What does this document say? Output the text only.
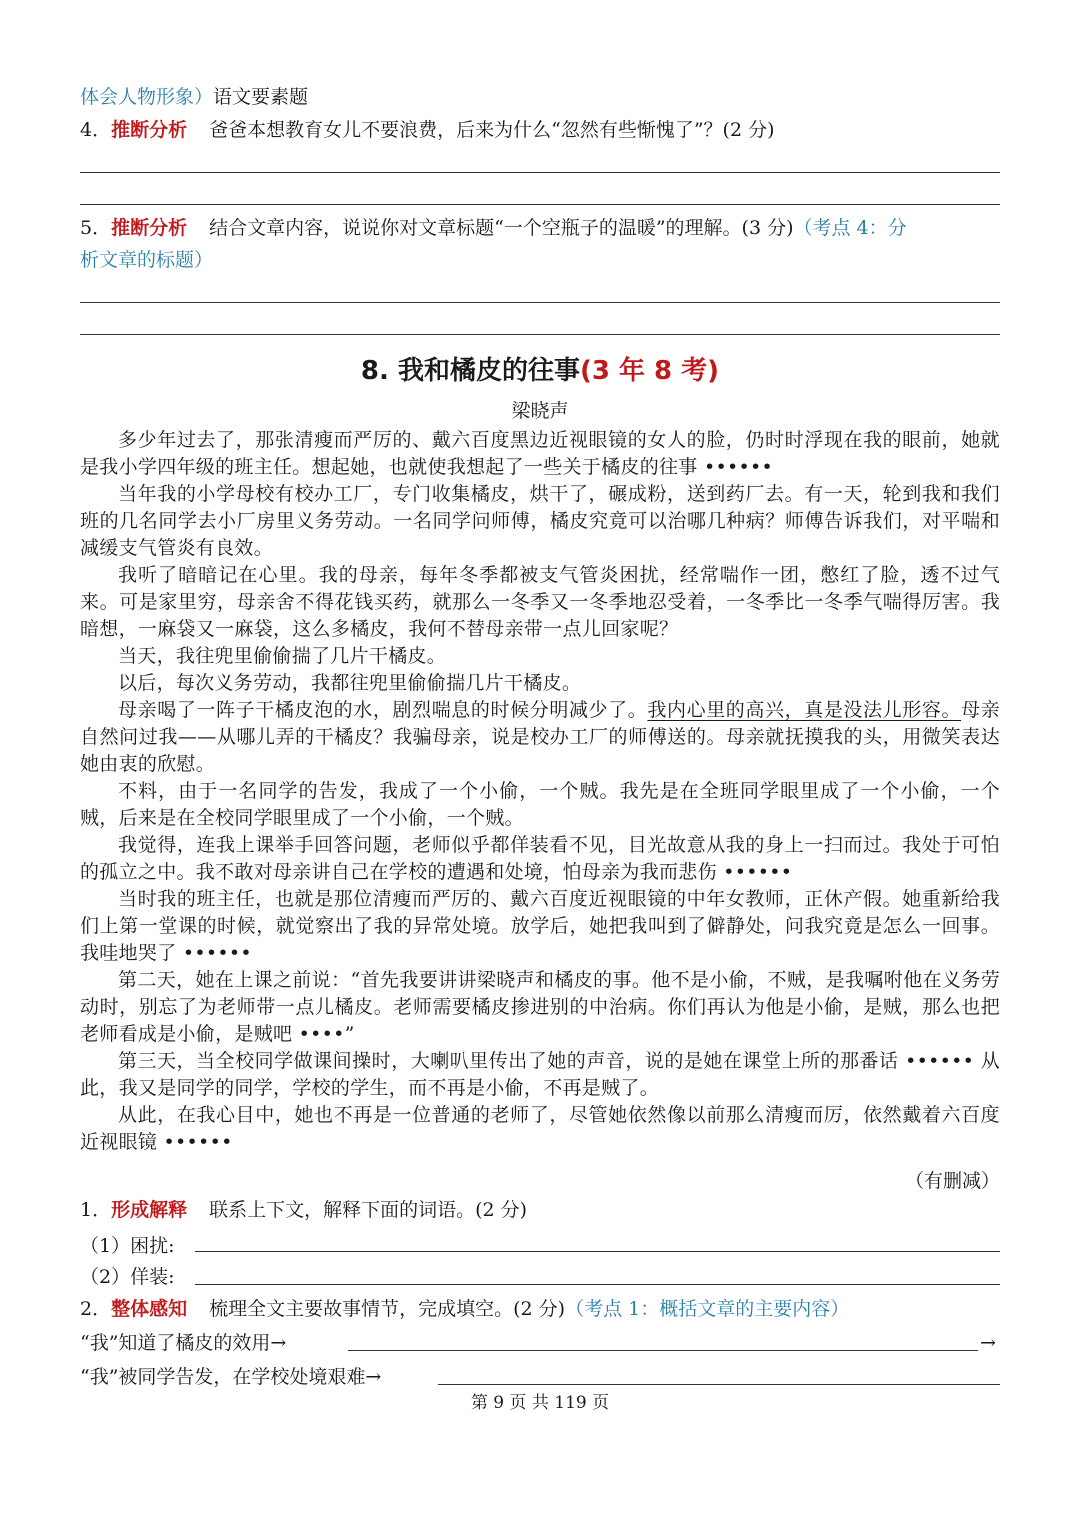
体会人物形象）语文要素题
4．推断分析 爸爸本想教育女儿不要浪费，后来为什么“忽然有些惭愧了”？(2 分)
5．推断分析 结合文章内容，说说你对文章标题“一个空瓶子的温暖”的理解。(3 分)（考点 4：分
析文章的标题）
8. 我和橘皮的往事(3 年 8 考)
梁晓声

多少年过去了，那张清瘦而严厉的、戴六百度黑边近视眼镜的女人的脸，仍时时浮现在我的眼前，她就是我小学四年级的班主任。想起她，也就使我想起了一些关于橘皮的往事 ••••••

当年我的小学母校有校办工厂，专门收集橘皮，烘干了，碾成粉，送到药厂去。有一天，轮到我和我们班的几名同学去小厂房里义务劳动。一名同学问师傅，橘皮究竟可以治哪几种病？师傅告诉我们，对平喘和减缓支气管炎有良效。

我听了暗暗记在心里。我的母亲，每年冬季都被支气管炎困扰，经常喘作一团，憋红了脸，透不过气来。可是家里穷，母亲舍不得花钱买药，就那么一冬季又一冬季地忍受着，一冬季比一冬季气喘得厉害。我暗想，一麻袋又一麻袋，这么多橘皮，我何不替母亲带一点儿回家呢？

当天，我往兜里偷偷揣了几片干橘皮。

以后，每次义务劳动，我都往兜里偷偷揣几片干橘皮。

母亲喝了一阵子干橘皮泡的水，剧烈喘息的时候分明减少了。我内心里的高兴，真是没法儿形容。母亲自然问过我——从哪儿弄的干橘皮？我骗母亲，说是校办工厂的师傅送的。母亲就抚摸我的头，用微笑表达她由衷的欣慰。

不料，由于一名同学的告发，我成了一个小偷，一个贼。我先是在全班同学眼里成了一个小偷，一个贼，后来是在全校同学眼里成了一个小偷，一个贼。

我觉得，连我上课举手回答问题，老师似乎都佯装看不见，目光故意从我的身上一扫而过。我处于可怕的孤立之中。我不敢对母亲讲自己在学校的遭遇和处境，怕母亲为我而悲伤 ••••••

当时我的班主任，也就是那位清瘦而严厉的、戴六百度近视眼镜的中年女教师，正休产假。她重新给我们上第一堂课的时候，就觉察出了我的异常处境。放学后，她把我叫到了僻静处，问我究竟是怎么一回事。我哇地哭了 ••••••

第二天，她在上课之前说：“首先我要讲讲梁晓声和橘皮的事。他不是小偷，不贼，是我嘱咐他在义务劳动时，别忘了为老师带一点儿橘皮。老师需要橘皮掺进别的中治病。你们再认为他是小偷，是贼，那么也把老师看成是小偷，是贼吧 ••••”

第三天，当全校同学做课间操时，大喇叭里传出了她的声音，说的是她在课堂上所的那番话 •••••• 从此，我又是同学的同学，学校的学生，而不再是小偷，不再是贼了。

从此，在我心目中，她也不再是一位普通的老师了，尽管她依然像以前那么清瘦而厉，依然戴着六百度近视眼镜 ••••••

（有删减）
1．形成解释 联系上下文，解释下面的词语。(2 分)
（1）困扰:
（2）佯装:
2．整体感知 梳理全文主要故事情节，完成填空。(2 分)（考点 1：概括文章的主要内容）
“我”知道了橘皮的效用→	→
“我”被同学告发，在学校处境艰难→
第 9 页 共 119 页
